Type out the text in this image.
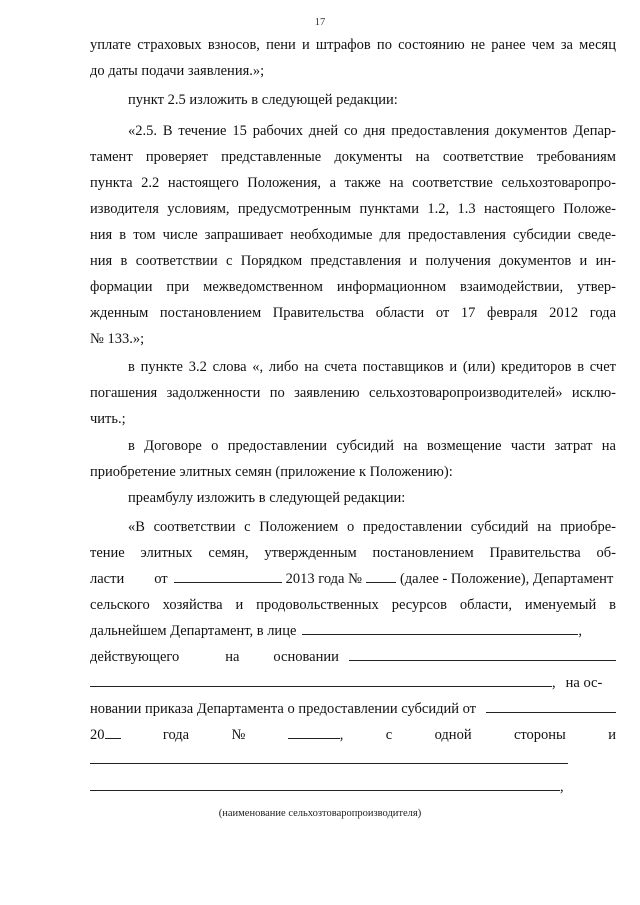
17
уплате страховых взносов, пени и штрафов по состоянию не ранее чем за месяц
до даты подачи заявления.»;
пункт 2.5 изложить в следующей редакции:
«2.5. В течение 15 рабочих дней со дня предоставления документов Депар-
тамент проверяет представленные документы на соответствие требованиям
пункта 2.2 настоящего Положения, а также на соответствие сельхозтоваропро-
изводителя условиям, предусмотренным пунктами 1.2, 1.3 настоящего Положе-
ния в том числе запрашивает необходимые для предоставления субсидии сведе-
ния в соответствии с Порядком представления и получения документов и ин-
формации при межведомственном информационном взаимодействии, утвер-
жденным постановлением Правительства области от 17 февраля 2012 года
№ 133.»;
в пункте 3.2 слова «, либо на счета поставщиков и (или) кредиторов в счет
погашения задолженности по заявлению сельхозтоваропроизводителей» исклю-
чить.;
в Договоре о предоставлении субсидий на возмещение части затрат на
приобретение элитных семян (приложение к Положению):
преамбулу изложить в следующей редакции:
«В соответствии с Положением о предоставлении субсидий на приобре-
тение элитных семян, утвержденным постановлением Правительства об-
ласти от	2013 года №	(далее - Положение), Департамент
сельского хозяйства и продовольственных ресурсов области, именуемый в
дальнейшем Департамент, в лице	,
действующего	на основании
, на ос-
новании приказа Департамента о предоставлении субсидий от
20	года	№	,	с	одной	стороны	и
,
(наименование сельхозтоваропроизводителя)
